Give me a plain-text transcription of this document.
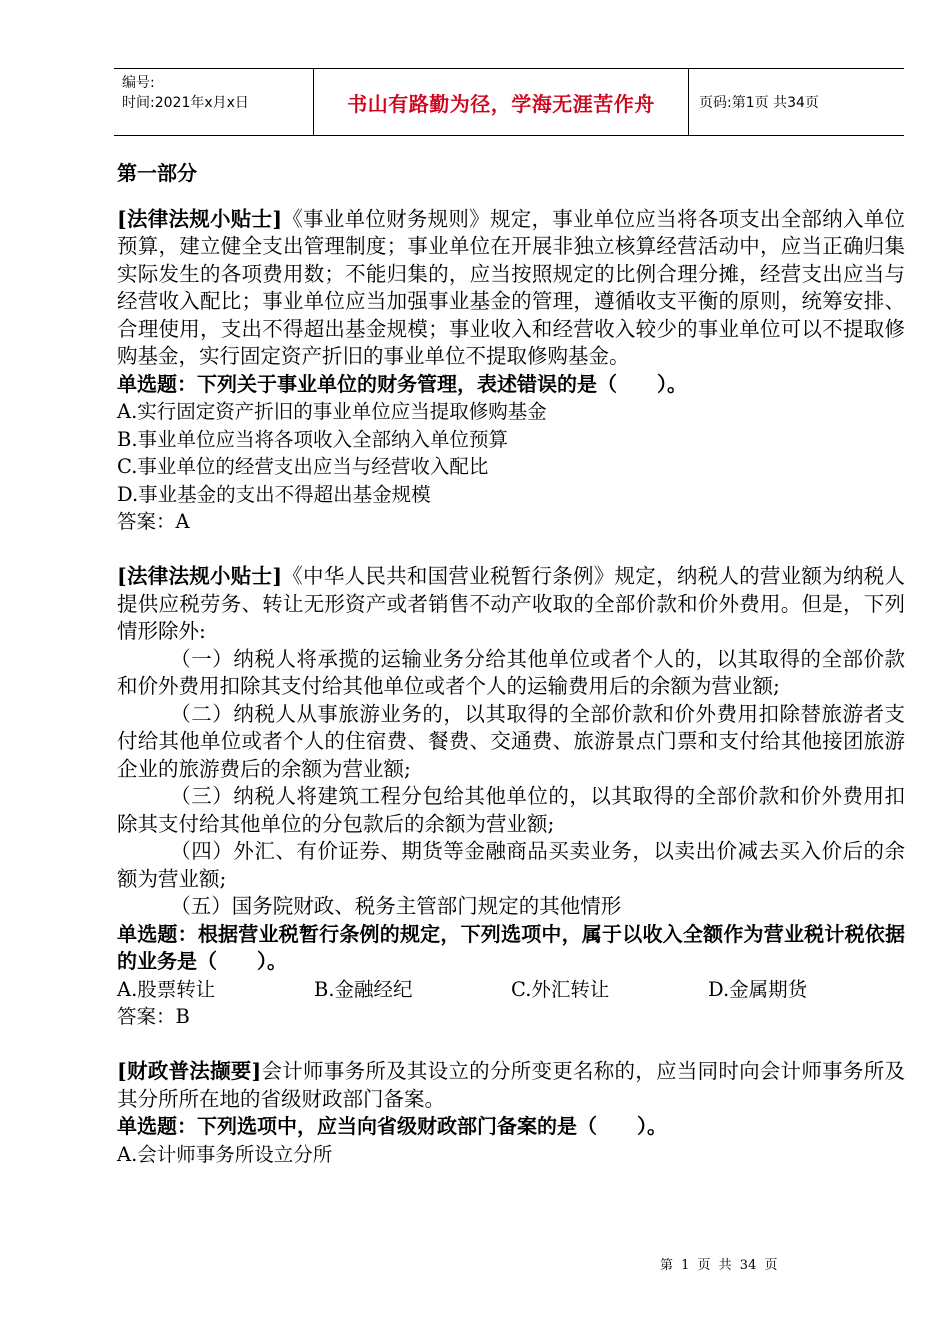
编号:
时间:2021年x月x日	书山有路勤为径，学海无涯苦作舟	页码:第1页 共34页
第一部分

[法律法规小贴士]《事业单位财务规则》规定，事业单位应当将各项支出全部纳入单位预算，建立健全支出管理制度；事业单位在开展非独立核算经营活动中，应当正确归集实际发生的各项费用数；不能归集的，应当按照规定的比例合理分摊，经营支出应当与经营收入配比；事业单位应当加强事业基金的管理，遵循收支平衡的原则，统筹安排、合理使用，支出不得超出基金规模；事业收入和经营收入较少的事业单位可以不提取修购基金，实行固定资产折旧的事业单位不提取修购基金。

单选题：下列关于事业单位的财务管理，表述错误的是（　　）。

A.实行固定资产折旧的事业单位应当提取修购基金

B.事业单位应当将各项收入全部纳入单位预算

C.事业单位的经营支出应当与经营收入配比

D.事业基金的支出不得超出基金规模

答案：A

[法律法规小贴士]《中华人民共和国营业税暂行条例》规定，纳税人的营业额为纳税人提供应税劳务、转让无形资产或者销售不动产收取的全部价款和价外费用。但是，下列情形除外:

（一）纳税人将承揽的运输业务分给其他单位或者个人的，以其取得的全部价款和价外费用扣除其支付给其他单位或者个人的运输费用后的余额为营业额;

（二）纳税人从事旅游业务的，以其取得的全部价款和价外费用扣除替旅游者支付给其他单位或者个人的住宿费、餐费、交通费、旅游景点门票和支付给其他接团旅游企业的旅游费后的余额为营业额;

（三）纳税人将建筑工程分包给其他单位的，以其取得的全部价款和价外费用扣除其支付给其他单位的分包款后的余额为营业额;

（四）外汇、有价证券、期货等金融商品买卖业务，以卖出价减去买入价后的余额为营业额;

（五）国务院财政、税务主管部门规定的其他情形

单选题：根据营业税暂行条例的规定，下列选项中，属于以收入全额作为营业税计税依据的业务是（　　）。

A.股票转让	B.金融经纪	C.外汇转让	D.金属期货

答案：B

[财政普法撷要]会计师事务所及其设立的分所变更名称的，应当同时向会计师事务所及其分所所在地的省级财政部门备案。

单选题：下列选项中，应当向省级财政部门备案的是（　　）。

A.会计师事务所设立分所

第 1 页 共 34 页
